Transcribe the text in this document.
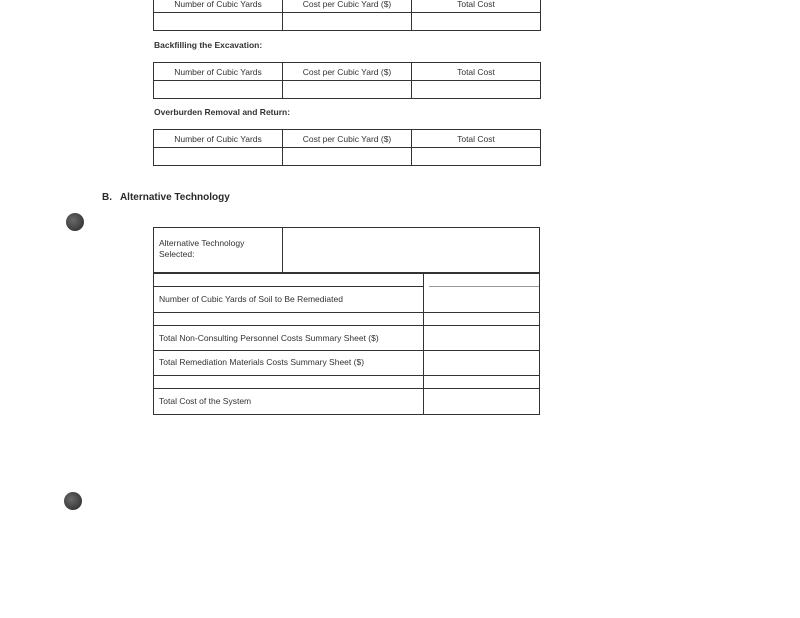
Number of Cubic Yards	Cost per Cubic Yard ($)	Total Cost

Backfilling the Excavation:
Number of Cubic Yards	Cost per Cubic Yard ($)	Total Cost

Overburden Removal and Return:
Number of Cubic Yards	Cost per Cubic Yard ($)	Total Cost

B.   Alternative Technology
Alternative Technology
Selected:
Number of Cubic Yards of Soil to Be Remediated
Total Non-Consulting Personnel Costs Summary Sheet ($)
Total Remediation Materials Costs Summary Sheet ($)
Total Cost of the System
